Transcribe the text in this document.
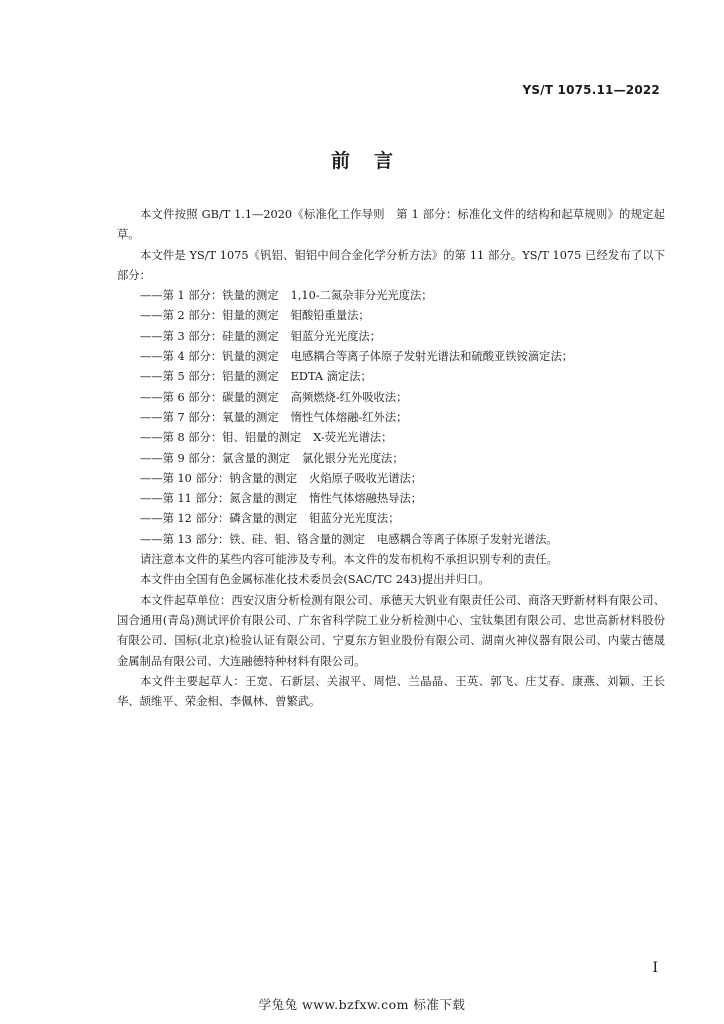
YS/T 1075.11—2022
前言

本文件按照 GB/T 1.1—2020《标准化工作导则　第 1 部分：标准化文件的结构和起草规则》的规定起草。

本文件是 YS/T 1075《钒铝、钼铝中间合金化学分析方法》的第 11 部分。YS/T 1075 已经发布了以下部分：

——第 1 部分：铁量的测定 1,10-二氮杂菲分光光度法；
——第 2 部分：钼量的测定 钼酸铅重量法；
——第 3 部分：硅量的测定 钼蓝分光光度法；
——第 4 部分：钒量的测定 电感耦合等离子体原子发射光谱法和硫酸亚铁铵滴定法；
——第 5 部分：铝量的测定 EDTA 滴定法；
——第 6 部分：碳量的测定 高频燃烧-红外吸收法；
——第 7 部分：氧量的测定 惰性气体熔融-红外法；
——第 8 部分：钼、铝量的测定 X-荧光光谱法；
——第 9 部分：氯含量的测定 氯化银分光光度法；
——第 10 部分：钠含量的测定 火焰原子吸收光谱法；
——第 11 部分：氮含量的测定 惰性气体熔融热导法；
——第 12 部分：磷含量的测定 钼蓝分光光度法；
——第 13 部分：铁、硅、钼、铬含量的测定 电感耦合等离子体原子发射光谱法。

请注意本文件的某些内容可能涉及专利。本文件的发布机构不承担识别专利的责任。

本文件由全国有色金属标准化技术委员会(SAC/TC 243)提出并归口。

本文件起草单位：西安汉唐分析检测有限公司、承德天大钒业有限责任公司、商洛天野新材料有限公司、国合通用(青岛)测试评价有限公司、广东省科学院工业分析检测中心、宝钛集团有限公司、忠世高新材料股份有限公司、国标(北京)检验认证有限公司、宁夏东方钽业股份有限公司、湖南火神仪器有限公司、内蒙古德晟金属制品有限公司、大连融德特种材料有限公司。

本文件主要起草人：王宽、石新层、关淑平、周恺、兰晶晶、王英、郭飞、庄艾春、康燕、刘颖、王长华、颉维平、荣金相、李佩林、曾繁武。

I
学兔兔 www.bzfxw.com 标准下载
